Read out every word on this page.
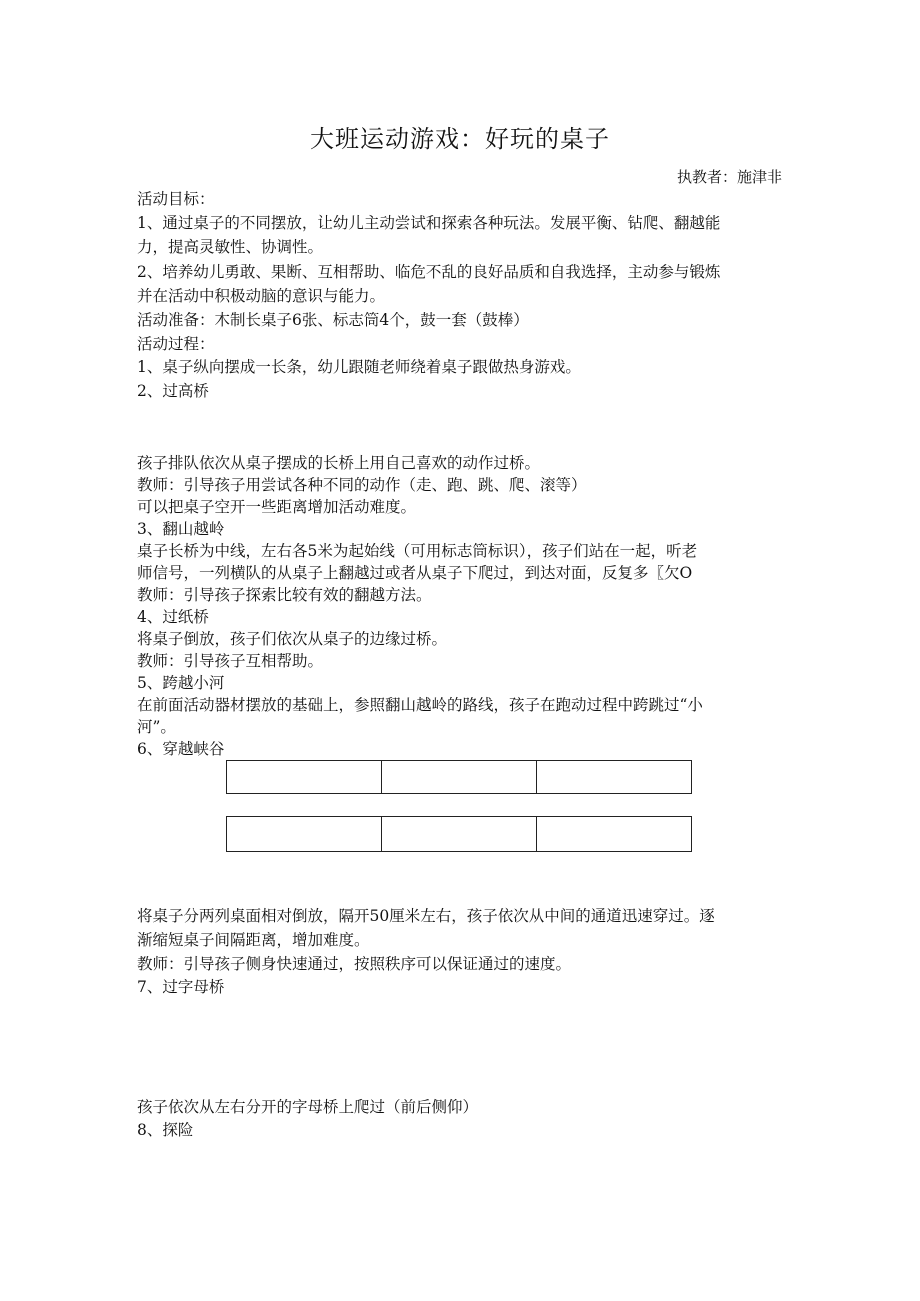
大班运动游戏：好玩的桌子
执教者：施津非
活动目标：
1、通过桌子的不同摆放，让幼儿主动尝试和探索各种玩法。发展平衡、钻爬、翻越能
力，提高灵敏性、协调性。
2、培养幼儿勇敢、果断、互相帮助、临危不乱的良好品质和自我选择，主动参与锻炼
并在活动中积极动脑的意识与能力。
活动准备：木制长桌子6张、标志筒4个，鼓一套（鼓棒）
活动过程：
1、桌子纵向摆成一长条，幼儿跟随老师绕着桌子跟做热身游戏。
2、过高桥
孩子排队依次从桌子摆成的长桥上用自己喜欢的动作过桥。
教师：引导孩子用尝试各种不同的动作（走、跑、跳、爬、滚等）
可以把桌子空开一些距离增加活动难度。
3、翻山越岭
桌子长桥为中线，左右各5米为起始线（可用标志筒标识），孩子们站在一起，听老
师信号，一列横队的从桌子上翻越过或者从桌子下爬过，到达对面，反复多〖欠O
教师：引导孩子探索比较有效的翻越方法。
4、过纸桥
将桌子倒放，孩子们依次从桌子的边缘过桥。
教师：引导孩子互相帮助。
5、跨越小河
在前面活动器材摆放的基础上，参照翻山越岭的路线，孩子在跑动过程中跨跳过“小
河”。
6、穿越峡谷
将桌子分两列桌面相对倒放，隔开50厘米左右，孩子依次从中间的通道迅速穿过。逐
渐缩短桌子间隔距离，增加难度。
教师：引导孩子侧身快速通过，按照秩序可以保证通过的速度。
7、过字母桥
孩子依次从左右分开的字母桥上爬过（前后侧仰）
8、探险
